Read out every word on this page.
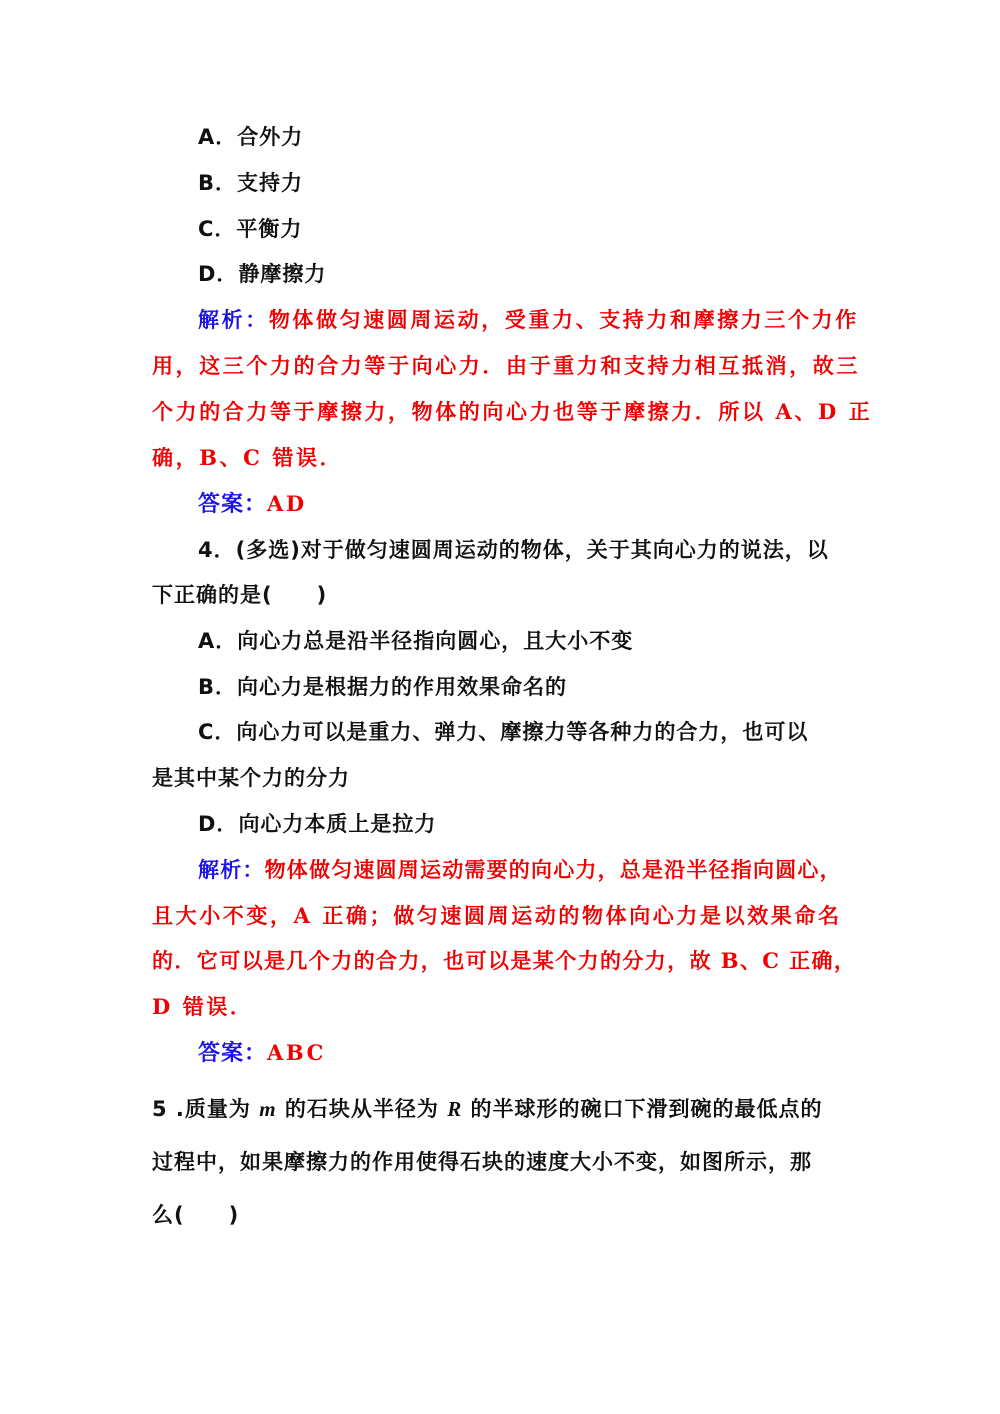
A．合外力
B．支持力
C．平衡力
D．静摩擦力
解析：物体做匀速圆周运动，受重力、支持力和摩擦力三个力作
用，这三个力的合力等于向心力．由于重力和支持力相互抵消，故三
个力的合力等于摩擦力，物体的向心力也等于摩擦力．所以 A、D 正
确，B、C 错误．
答案：AD
4．(多选)对于做匀速圆周运动的物体，关于其向心力的说法，以
下正确的是(　　)
A．向心力总是沿半径指向圆心，且大小不变
B．向心力是根据力的作用效果命名的
C．向心力可以是重力、弹力、摩擦力等各种力的合力，也可以
是其中某个力的分力
D．向心力本质上是拉力
解析：物体做匀速圆周运动需要的向心力，总是沿半径指向圆心，
且大小不变，A 正确；做匀速圆周运动的物体向心力是以效果命名
的．它可以是几个力的合力，也可以是某个力的分力，故 B、C 正确，
D 错误．
答案：ABC
5 .质量为 m 的石块从半径为 R 的半球形的碗口下滑到碗的最低点的
过程中，如果摩擦力的作用使得石块的速度大小不变，如图所示，那
么(　　)
